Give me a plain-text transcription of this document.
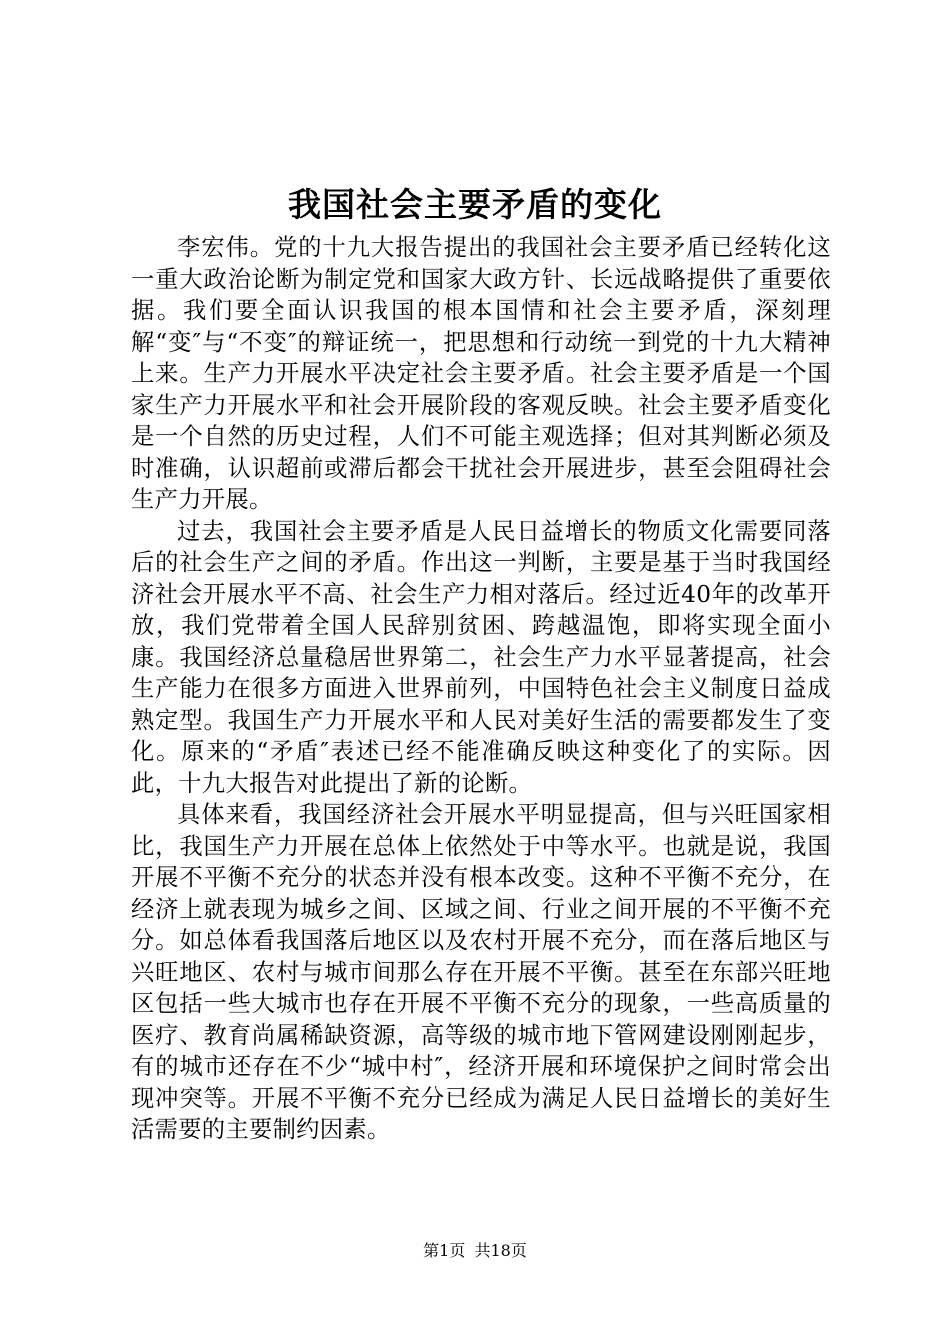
我国社会主要矛盾的变化

李宏伟。党的十九大报告提出的我国社会主要矛盾已经转化这一重大政治论断为制定党和国家大政方针、长远战略提供了重要依据。我们要全面认识我国的根本国情和社会主要矛盾，深刻理解“变″与“不变″的辩证统一，把思想和行动统一到党的十九大精神上来。生产力开展水平决定社会主要矛盾。社会主要矛盾是一个国家生产力开展水平和社会开展阶段的客观反映。社会主要矛盾变化是一个自然的历史过程，人们不可能主观选择；但对其判断必须及时准确，认识超前或滞后都会干扰社会开展进步，甚至会阻碍社会生产力开展。

过去，我国社会主要矛盾是人民日益增长的物质文化需要同落后的社会生产之间的矛盾。作出这一判断，主要是基于当时我国经济社会开展水平不高、社会生产力相对落后。经过近40年的改革开放，我们党带着全国人民辞别贫困、跨越温饱，即将实现全面小康。我国经济总量稳居世界第二，社会生产力水平显著提高，社会生产能力在很多方面进入世界前列，中国特色社会主义制度日益成熟定型。我国生产力开展水平和人民对美好生活的需要都发生了变化。原来的“矛盾″表述已经不能准确反映这种变化了的实际。因此，十九大报告对此提出了新的论断。

具体来看，我国经济社会开展水平明显提高，但与兴旺国家相比，我国生产力开展在总体上依然处于中等水平。也就是说，我国开展不平衡不充分的状态并没有根本改变。这种不平衡不充分，在经济上就表现为城乡之间、区域之间、行业之间开展的不平衡不充分。如总体看我国落后地区以及农村开展不充分，而在落后地区与兴旺地区、农村与城市间那么存在开展不平衡。甚至在东部兴旺地区包括一些大城市也存在开展不平衡不充分的现象，一些高质量的医疗、教育尚属稀缺资源，高等级的城市地下管网建设刚刚起步，有的城市还存在不少“城中村″，经济开展和环境保护之间时常会出现冲突等。开展不平衡不充分已经成为满足人民日益增长的美好生活需要的主要制约因素。

第1页 共18页
